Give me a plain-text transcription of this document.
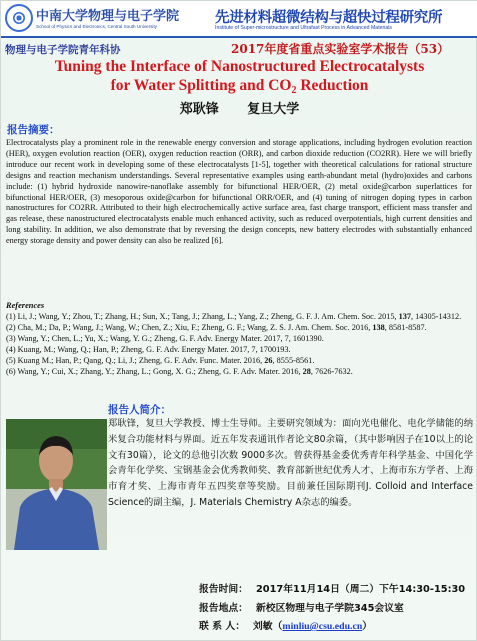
中南大学物理与电子学院
School of Physics and Electronics, Central South University
先进材料超微结构与超快过程研究所
Institute of Super-microstructure and Ultrafast Process in Advanced Materials
物理与电子学院青年科协	2017年度省重点实验室学术报告（53）
Tuning the Interface of Nanostructured Electrocatalysts
for Water Splitting and $CO_2$ Reduction
郑耿锋 复旦大学
报告摘要：

Electrocatalysts play a prominent role in the renewable energy conversion and storage applications, including hydrogen evolution reaction (HER), oxygen evolution reaction (OER), oxygen reduction reaction (ORR), and carbon dioxide reduction (CO2RR). Here we will briefly introduce our recent work in developing some of these electrocatalysts [1-5], together with theoretical calculations for rational structure designs and reaction mechanism understandings. Several representative examples using earth-abundant metal (hydro)oxides and carbons include: (1) hybrid hydroxide nanowire-nanoflake assembly for bifunctional HER/OER, (2) metal oxide@carbon superlattices for bifunctional HER/OER, (3) mesoporous oxide@carbon for bifunctional ORR/OER, and (4) tuning of nitrogen doping types in carbon nanostructures for CO2RR. Attributed to their high electrochemically active surface area, fast charge transport, efficient mass transfer and gas release, these nanostructured electrocatalysts enable much enhanced activity, such as reduced overpotentials, high current densities and long stability. In addition, we also demonstrate that by reversing the design concepts, new battery electrodes with substantially enhanced energy storage density and power density can also be realized [6].

References
(1) Li, J.; Wang, Y.; Zhou, T.; Zhang, H.; Sun, X.; Tang, J.; Zhang, L.; Yang, Z.; Zheng, G. F. J. Am. Chem. Soc. 2015, 137, 14305-14312.
(2) Cha, M.; Da, P.; Wang, J.; Wang, W.; Chen, Z.; Xiu, F.; Zheng, G. F.; Wang, Z. S. J. Am. Chem. Soc. 2016, 138, 8581-8587.
(3) Wang, Y.; Chen, L.; Yu, X.; Wang, Y. G.; Zheng, G. F. Adv. Energy Mater. 2017, 7, 1601390.
(4) Kuang, M.; Wang, Q.; Han, P.; Zheng, G. F. Adv. Energy Mater. 2017, 7, 1700193.
(5) Kuang M.; Han, P.; Qang, Q.; Li, J.; Zheng, G. F. Adv. Func. Mater. 2016, 26, 8555-8561.
(6) Wang, Y.; Cui, X.; Zhang, Y.; Zhang, L.; Gong, X. G.; Zheng, G. F. Adv. Mater. 2016, 28, 7626-7632.
报告人简介：

郑耿锋，复旦大学教授、博士生导师。主要研究领域为：面向光电催化、电化学储能的纳米复合功能材料与界面。近五年发表通讯作者论文80余篇，（其中影响因子在10以上的论文有30篇），论文的总他引次数 9000多次。曾获得基金委优秀青年科学基金、中国化学会青年化学奖、宝钢基金会优秀教师奖、教育部新世纪优秀人才、上海市东方学者、上海市育才奖、上海市青年五四奖章等奖励。目前兼任国际期刊J. Colloid and Interface Science的副主编，J. Materials Chemistry A杂志的编委。

报告时间： 2017年11月14日（周二）下午14:30-15:30
报告地点： 新校区物理与电子学院345会议室
联 系 人： 刘敏（minliu@csu.edu.cn）
